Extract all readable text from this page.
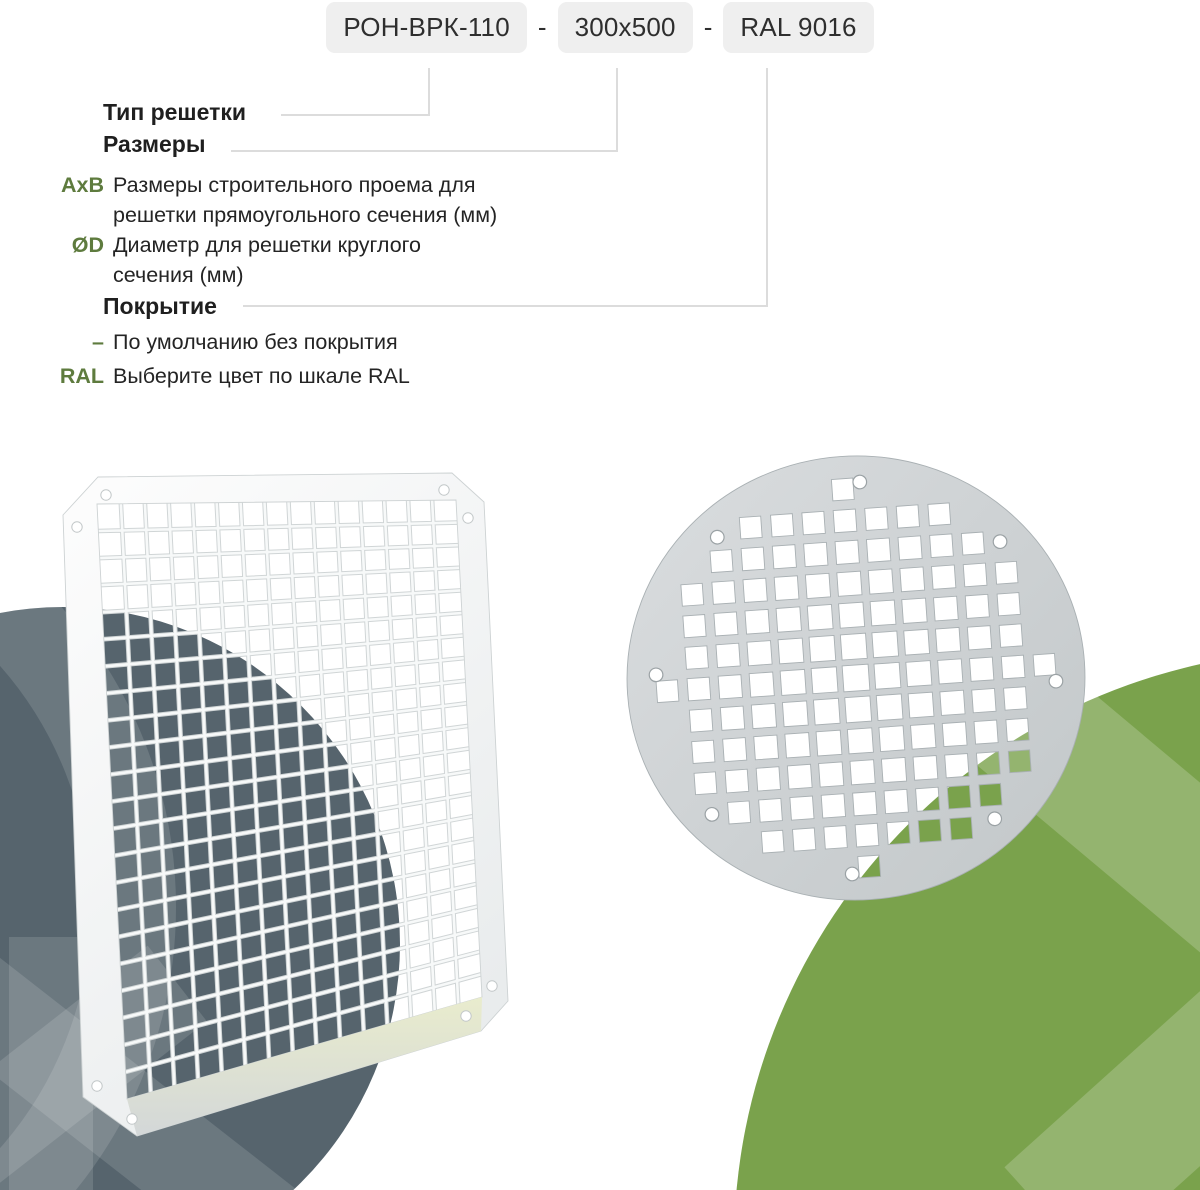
РОН-ВРК-110	-	300х500	-	RAL 9016
Тип решетки
Размеры
АхВ Размеры строительного проема для
решетки прямоугольного сечения (мм)
ØD Диаметр для решетки круглого
сечения (мм)
Покрытие
– По умолчанию без покрытия
RAL Выберите цвет по шкале RAL
